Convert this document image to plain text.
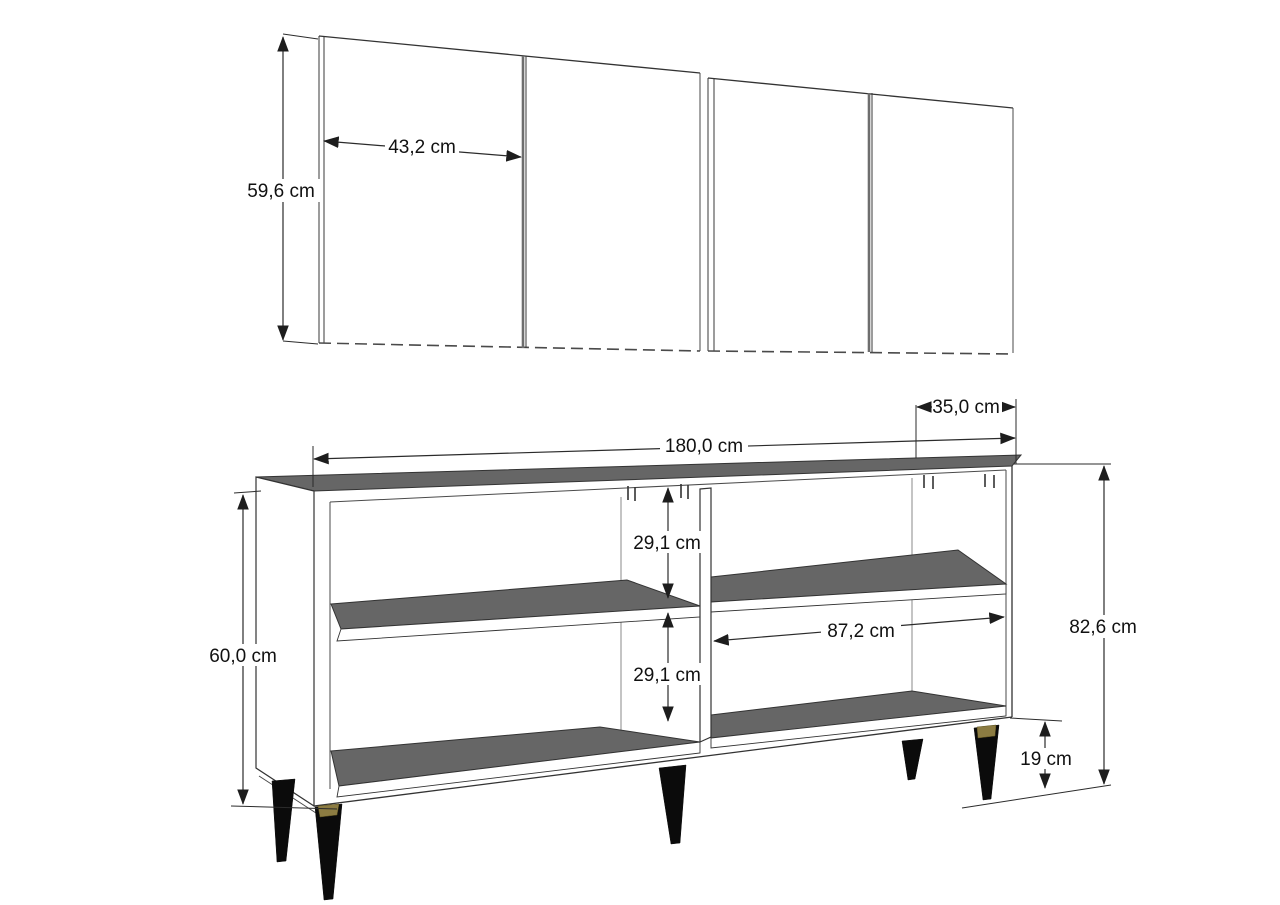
59,6 cm
43,2 cm
180,0 cm
35,0 cm
29,1 cm
29,1 cm
87,2 cm
60,0 cm
82,6 cm
19 cm
